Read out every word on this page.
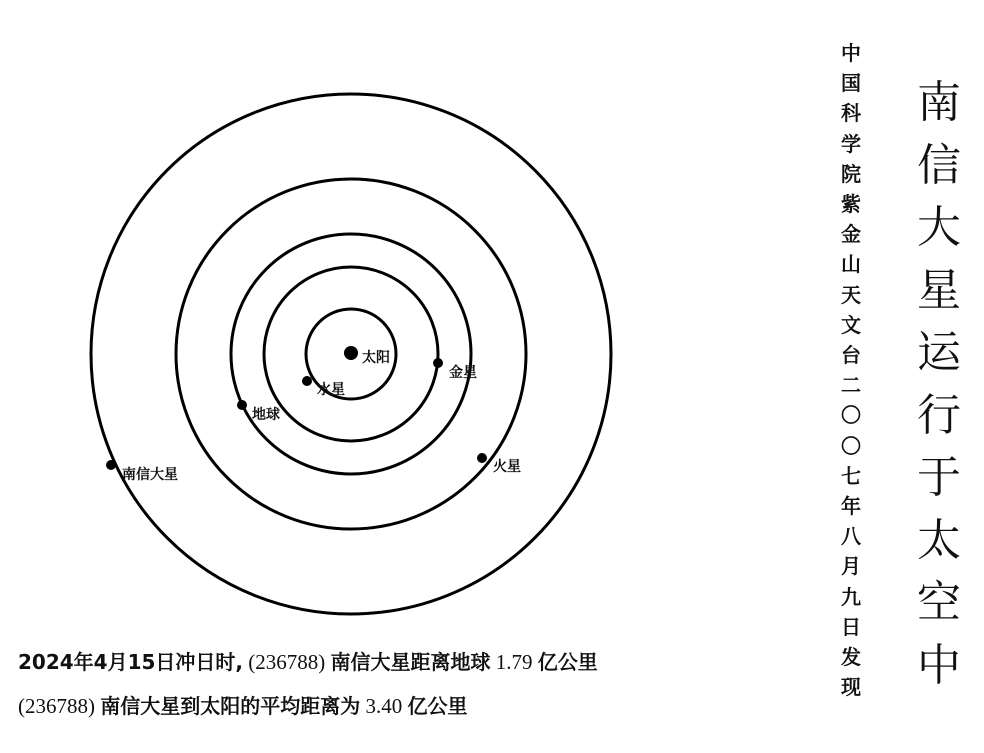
太阳
水星
金星
地球
火星
南信大星
南信大星运行于太空中
中国科学院紫金山天文台二〇〇七年八月九日发现
2024年4月15日冲日时, (236788) 南信大星距离地球 1.79 亿公里
(236788) 南信大星到太阳的平均距离为 3.40 亿公里
